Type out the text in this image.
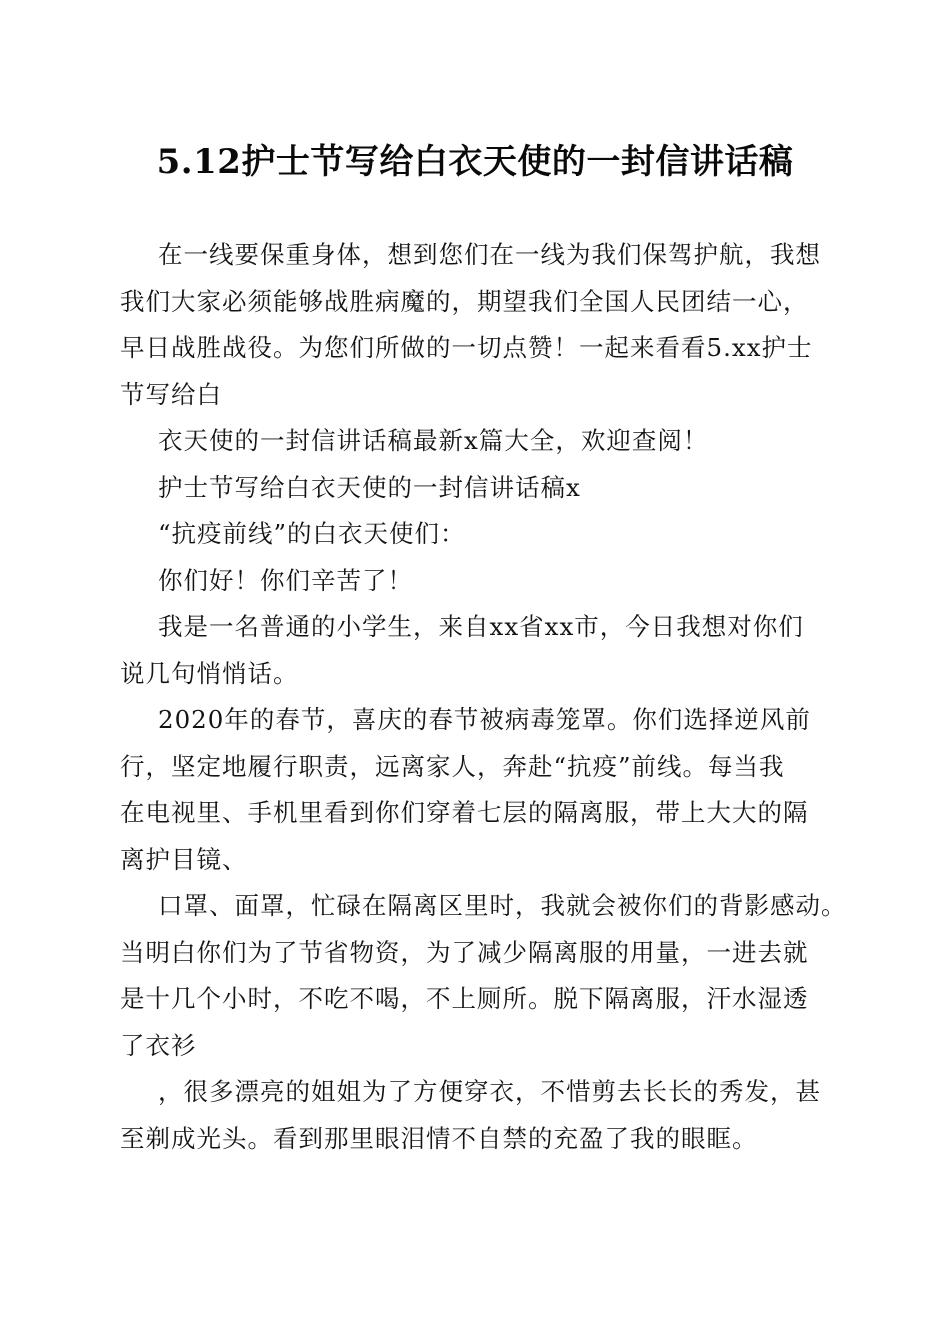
5.12护士节写给白衣天使的一封信讲话稿
在一线要保重身体，想到您们在一线为我们保驾护航，我想
我们大家必须能够战胜病魔的，期望我们全国人民团结一心，
早日战胜战役。为您们所做的一切点赞！一起来看看5.xx护士
节写给白
衣天使的一封信讲话稿最新x篇大全，欢迎查阅！
护士节写给白衣天使的一封信讲话稿x
“抗疫前线”的白衣天使们：
你们好！你们辛苦了！
我是一名普通的小学生，来自xx省xx市，今日我想对你们
说几句悄悄话。
2020年的春节，喜庆的春节被病毒笼罩。你们选择逆风前
行，坚定地履行职责，远离家人，奔赴“抗疫”前线。每当我
在电视里、手机里看到你们穿着七层的隔离服，带上大大的隔
离护目镜、
口罩、面罩，忙碌在隔离区里时，我就会被你们的背影感动。
当明白你们为了节省物资，为了减少隔离服的用量，一进去就
是十几个小时，不吃不喝，不上厕所。脱下隔离服，汗水湿透
了衣衫
，很多漂亮的姐姐为了方便穿衣，不惜剪去长长的秀发，甚
至剃成光头。看到那里眼泪情不自禁的充盈了我的眼眶。
